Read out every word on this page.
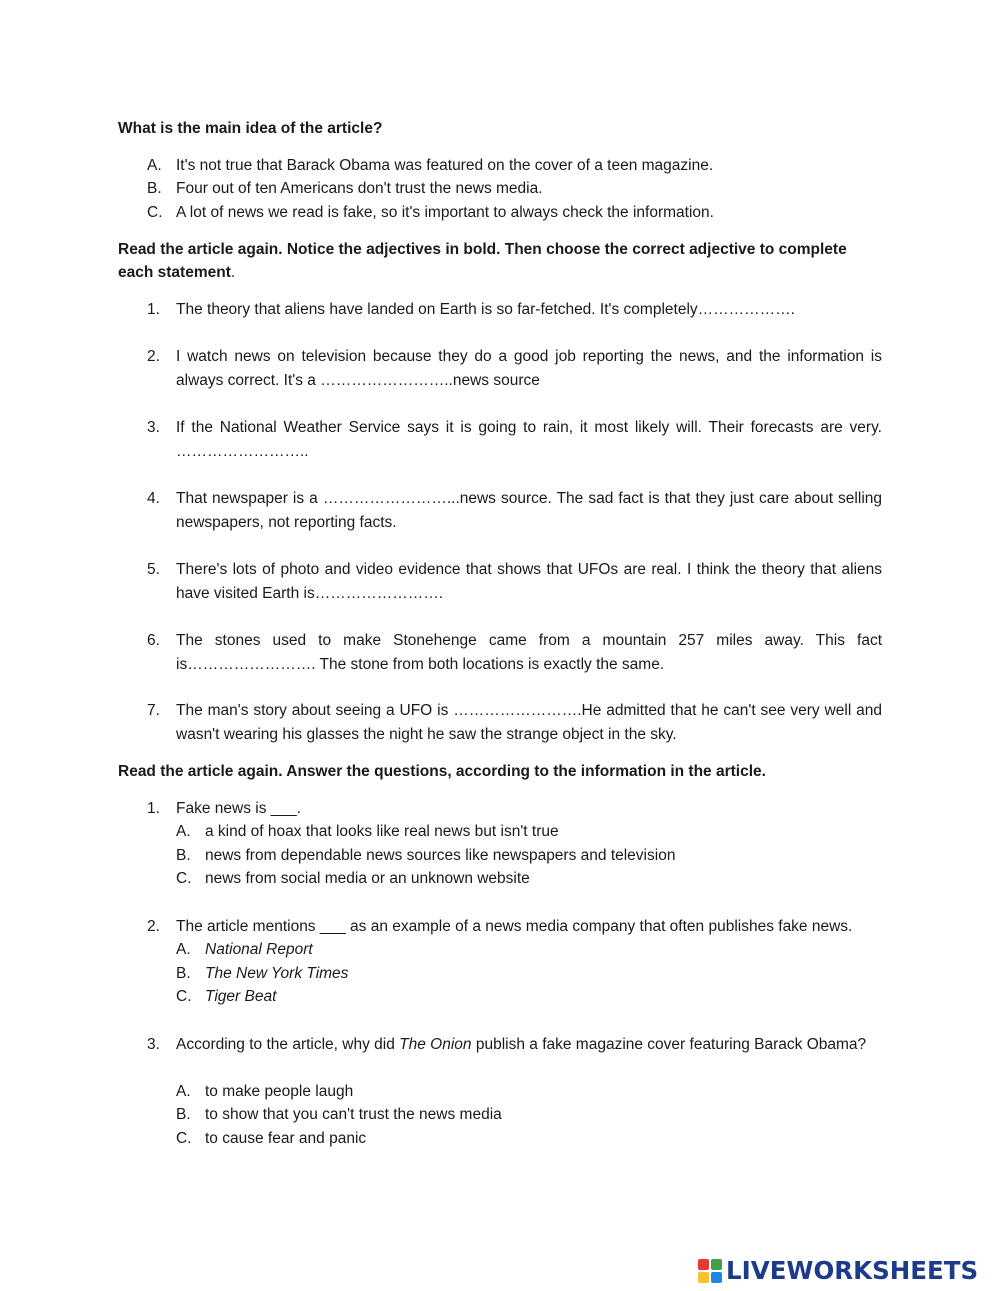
What is the main idea of the article?
A. It's not true that Barack Obama was featured on the cover of a teen magazine.
B. Four out of ten Americans don't trust the news media.
C. A lot of news we read is fake, so it's important to always check the information.
Read the article again. Notice the adjectives in bold. Then choose the correct adjective to complete each statement.
1. The theory that aliens have landed on Earth is so far-fetched. It's completely……………….
2. I watch news on television because they do a good job reporting the news, and the information is always correct. It's a ……………………..news source
3. If the National Weather Service says it is going to rain, it most likely will. Their forecasts are very. ……………………..
4. That newspaper is a ……………………...news source. The sad fact is that they just care about selling newspapers, not reporting facts.
5. There's lots of photo and video evidence that shows that UFOs are real. I think the theory that aliens have visited Earth is…………………….
6. The stones used to make Stonehenge came from a mountain 257 miles away. This fact is……………………. The stone from both locations is exactly the same.
7. The man's story about seeing a UFO is …………………….He admitted that he can't see very well and wasn't wearing his glasses the night he saw the strange object in the sky.
Read the article again. Answer the questions, according to the information in the article.
1. Fake news is ___.
A. a kind of hoax that looks like real news but isn't true
B. news from dependable news sources like newspapers and television
C. news from social media or an unknown website
2. The article mentions ___ as an example of a news media company that often publishes fake news.
A. National Report
B. The New York Times
C. Tiger Beat
3. According to the article, why did The Onion publish a fake magazine cover featuring Barack Obama?
A. to make people laugh
B. to show that you can't trust the news media
C. to cause fear and panic
LIVEWORKSHEETS
